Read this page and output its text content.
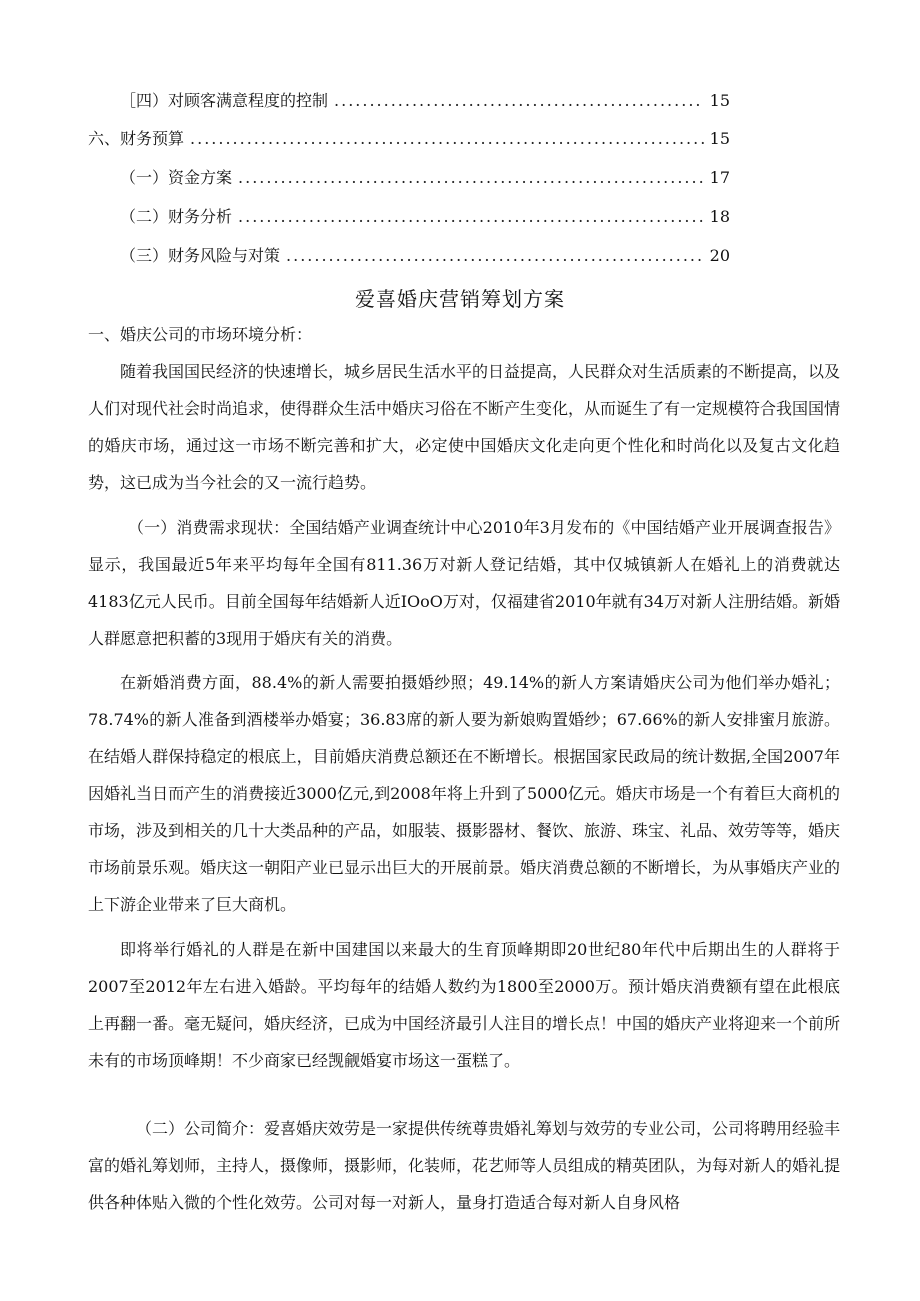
［四）对顾客满意程度的控制 .....	15
六、财务预算 .....	15
（一）资金方案 .....	17
（二）财务分析 .....	18
（三）财务风险与对策 .....	20
爱喜婚庆营销筹划方案
一、婚庆公司的市场环境分析：

随着我国国民经济的快速增长，城乡居民生活水平的日益提高，人民群众对生活质素的不断提高，以及人们对现代社会时尚追求，使得群众生活中婚庆习俗在不断产生变化，从而诞生了有一定规模符合我国国情的婚庆市场，通过这一市场不断完善和扩大，必定使中国婚庆文化走向更个性化和时尚化以及复古文化趋势，这已成为当今社会的又一流行趋势。

（一）消费需求现状：全国结婚产业调查统计中心2010年3月发布的《中国结婚产业开展调查报告》显示，我国最近5年来平均每年全国有811.36万对新人登记结婚，其中仅城镇新人在婚礼上的消费就达4183亿元人民币。目前全国每年结婚新人近IOoO万对，仅福建省2010年就有34万对新人注册结婚。新婚人群愿意把积蓄的3现用于婚庆有关的消费。

在新婚消费方面，88.4%的新人需要拍摄婚纱照；49.14%的新人方案请婚庆公司为他们举办婚礼；78.74%的新人准备到酒楼举办婚宴；36.83席的新人要为新娘购置婚纱；67.66%的新人安排蜜月旅游。在结婚人群保持稳定的根底上，目前婚庆消费总额还在不断增长。根据国家民政局的统计数据,全国2007年因婚礼当日而产生的消费接近3000亿元,到2008年将上升到了5000亿元。婚庆市场是一个有着巨大商机的市场，涉及到相关的几十大类品种的产品，如服装、摄影器材、餐饮、旅游、珠宝、礼品、效劳等等，婚庆市场前景乐观。婚庆这一朝阳产业已显示出巨大的开展前景。婚庆消费总额的不断增长，为从事婚庆产业的上下游企业带来了巨大商机。

即将举行婚礼的人群是在新中国建国以来最大的生育顶峰期即20世纪80年代中后期出生的人群将于2007至2012年左右进入婚龄。平均每年的结婚人数约为1800至2000万。预计婚庆消费额有望在此根底上再翻一番。毫无疑问，婚庆经济，已成为中国经济最引人注目的增长点！中国的婚庆产业将迎来一个前所未有的市场顶峰期！不少商家已经觊觎婚宴市场这一蛋糕了。

（二）公司简介：爱喜婚庆效劳是一家提供传统尊贵婚礼筹划与效劳的专业公司，公司将聘用经验丰富的婚礼筹划师，主持人，摄像师，摄影师，化装师，花艺师等人员组成的精英团队，为每对新人的婚礼提供各种体贴入微的个性化效劳。公司对每一对新人，量身打造适合每对新人自身风格
